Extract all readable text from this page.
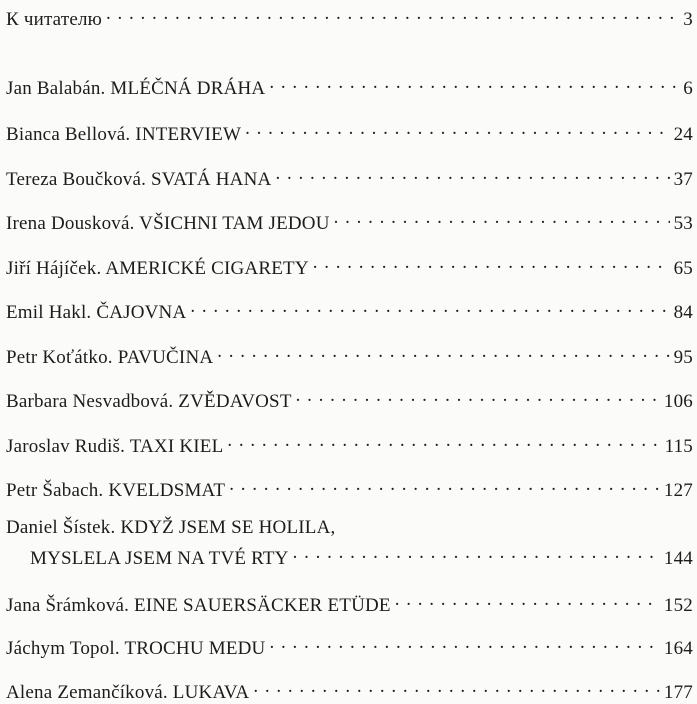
К читателю . . .	3
Jan Balabán. MLÉČNÁ DRÁHA . . .	6
Bianca Bellová. INTERVIEW . . .	24
Tereza Boučková. SVATÁ HANA . . .	37
Irena Dousková. VŠICHNI TAM JEDOU . . .	53
Jiří Hájíček. AMERICKÉ CIGARETY . . .	65
Emil Hakl. ČAJOVNA . . .	84
Petr Koťátko. PAVUČINA . . .	95
Barbara Nesvadbová. ZVĚDAVOST . . .	106
Jaroslav Rudiš. TAXI KIEL . . .	115
Petr Šabach. KVELDSMAT . . .	127
Daniel Šístek. KDYŽ JSEM SE HOLILA,
MYSLELA JSEM NA TVÉ RTY . . .	144
Jana Šrámková. EINE SAUERSÄCKER ETÜDE . . .	152
Jáchym Topol. TROCHU MEDU . . .	164
Alena Zemančíková. LUKAVA . . .	177
